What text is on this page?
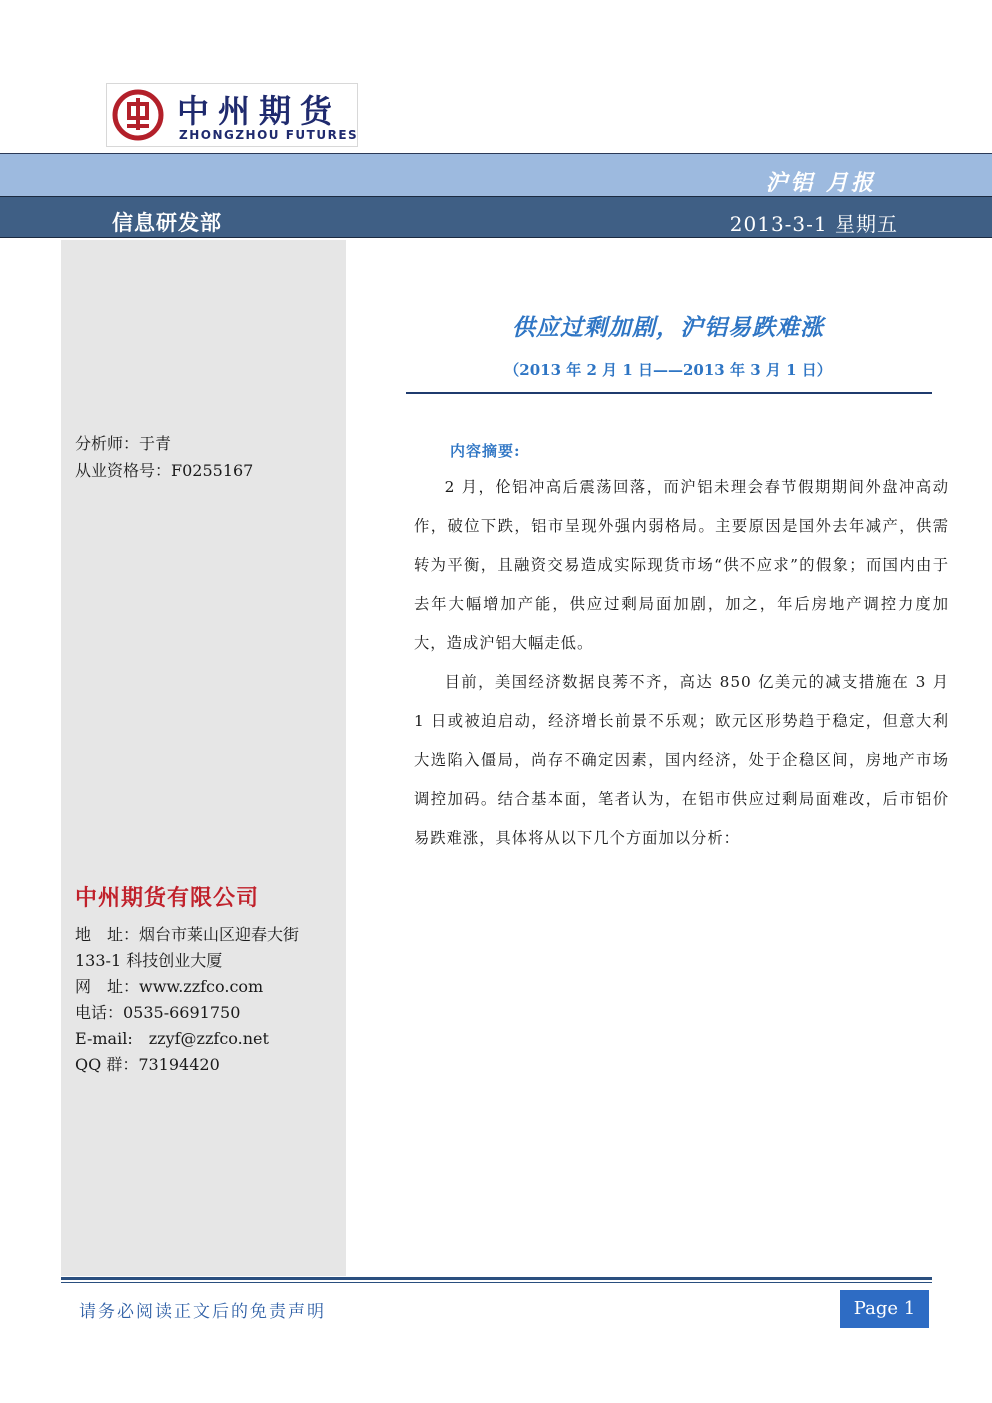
中州期货
ZHONGZHOU FUTURES
沪铝 月报
信息研发部	2013-3-1 星期五
分析师：于青
从业资格号：F0255167
中州期货有限公司
地　址：烟台市莱山区迎春大街
133-1 科技创业大厦
网　址：www.zzfco.com
电话：0535-6691750
E-mail:　zzyf@zzfco.net
QQ 群：73194420
供应过剩加剧，沪铝易跌难涨
（2013 年 2 月 1 日——2013 年 3 月 1 日）
内容摘要:

2 月，伦铝冲高后震荡回落，而沪铝未理会春节假期期间外盘冲高动作，破位下跌，铝市呈现外强内弱格局。主要原因是国外去年减产，供需转为平衡，且融资交易造成实际现货市场“供不应求”的假象；而国内由于去年大幅增加产能，供应过剩局面加剧，加之，年后房地产调控力度加大，造成沪铝大幅走低。

目前，美国经济数据良莠不齐，高达 850 亿美元的减支措施在 3 月 1 日或被迫启动，经济增长前景不乐观；欧元区形势趋于稳定，但意大利大选陷入僵局，尚存不确定因素，国内经济，处于企稳区间，房地产市场调控加码。结合基本面，笔者认为，在铝市供应过剩局面难改，后市铝价易跌难涨，具体将从以下几个方面加以分析：

请务必阅读正文后的免责声明	Page 1
